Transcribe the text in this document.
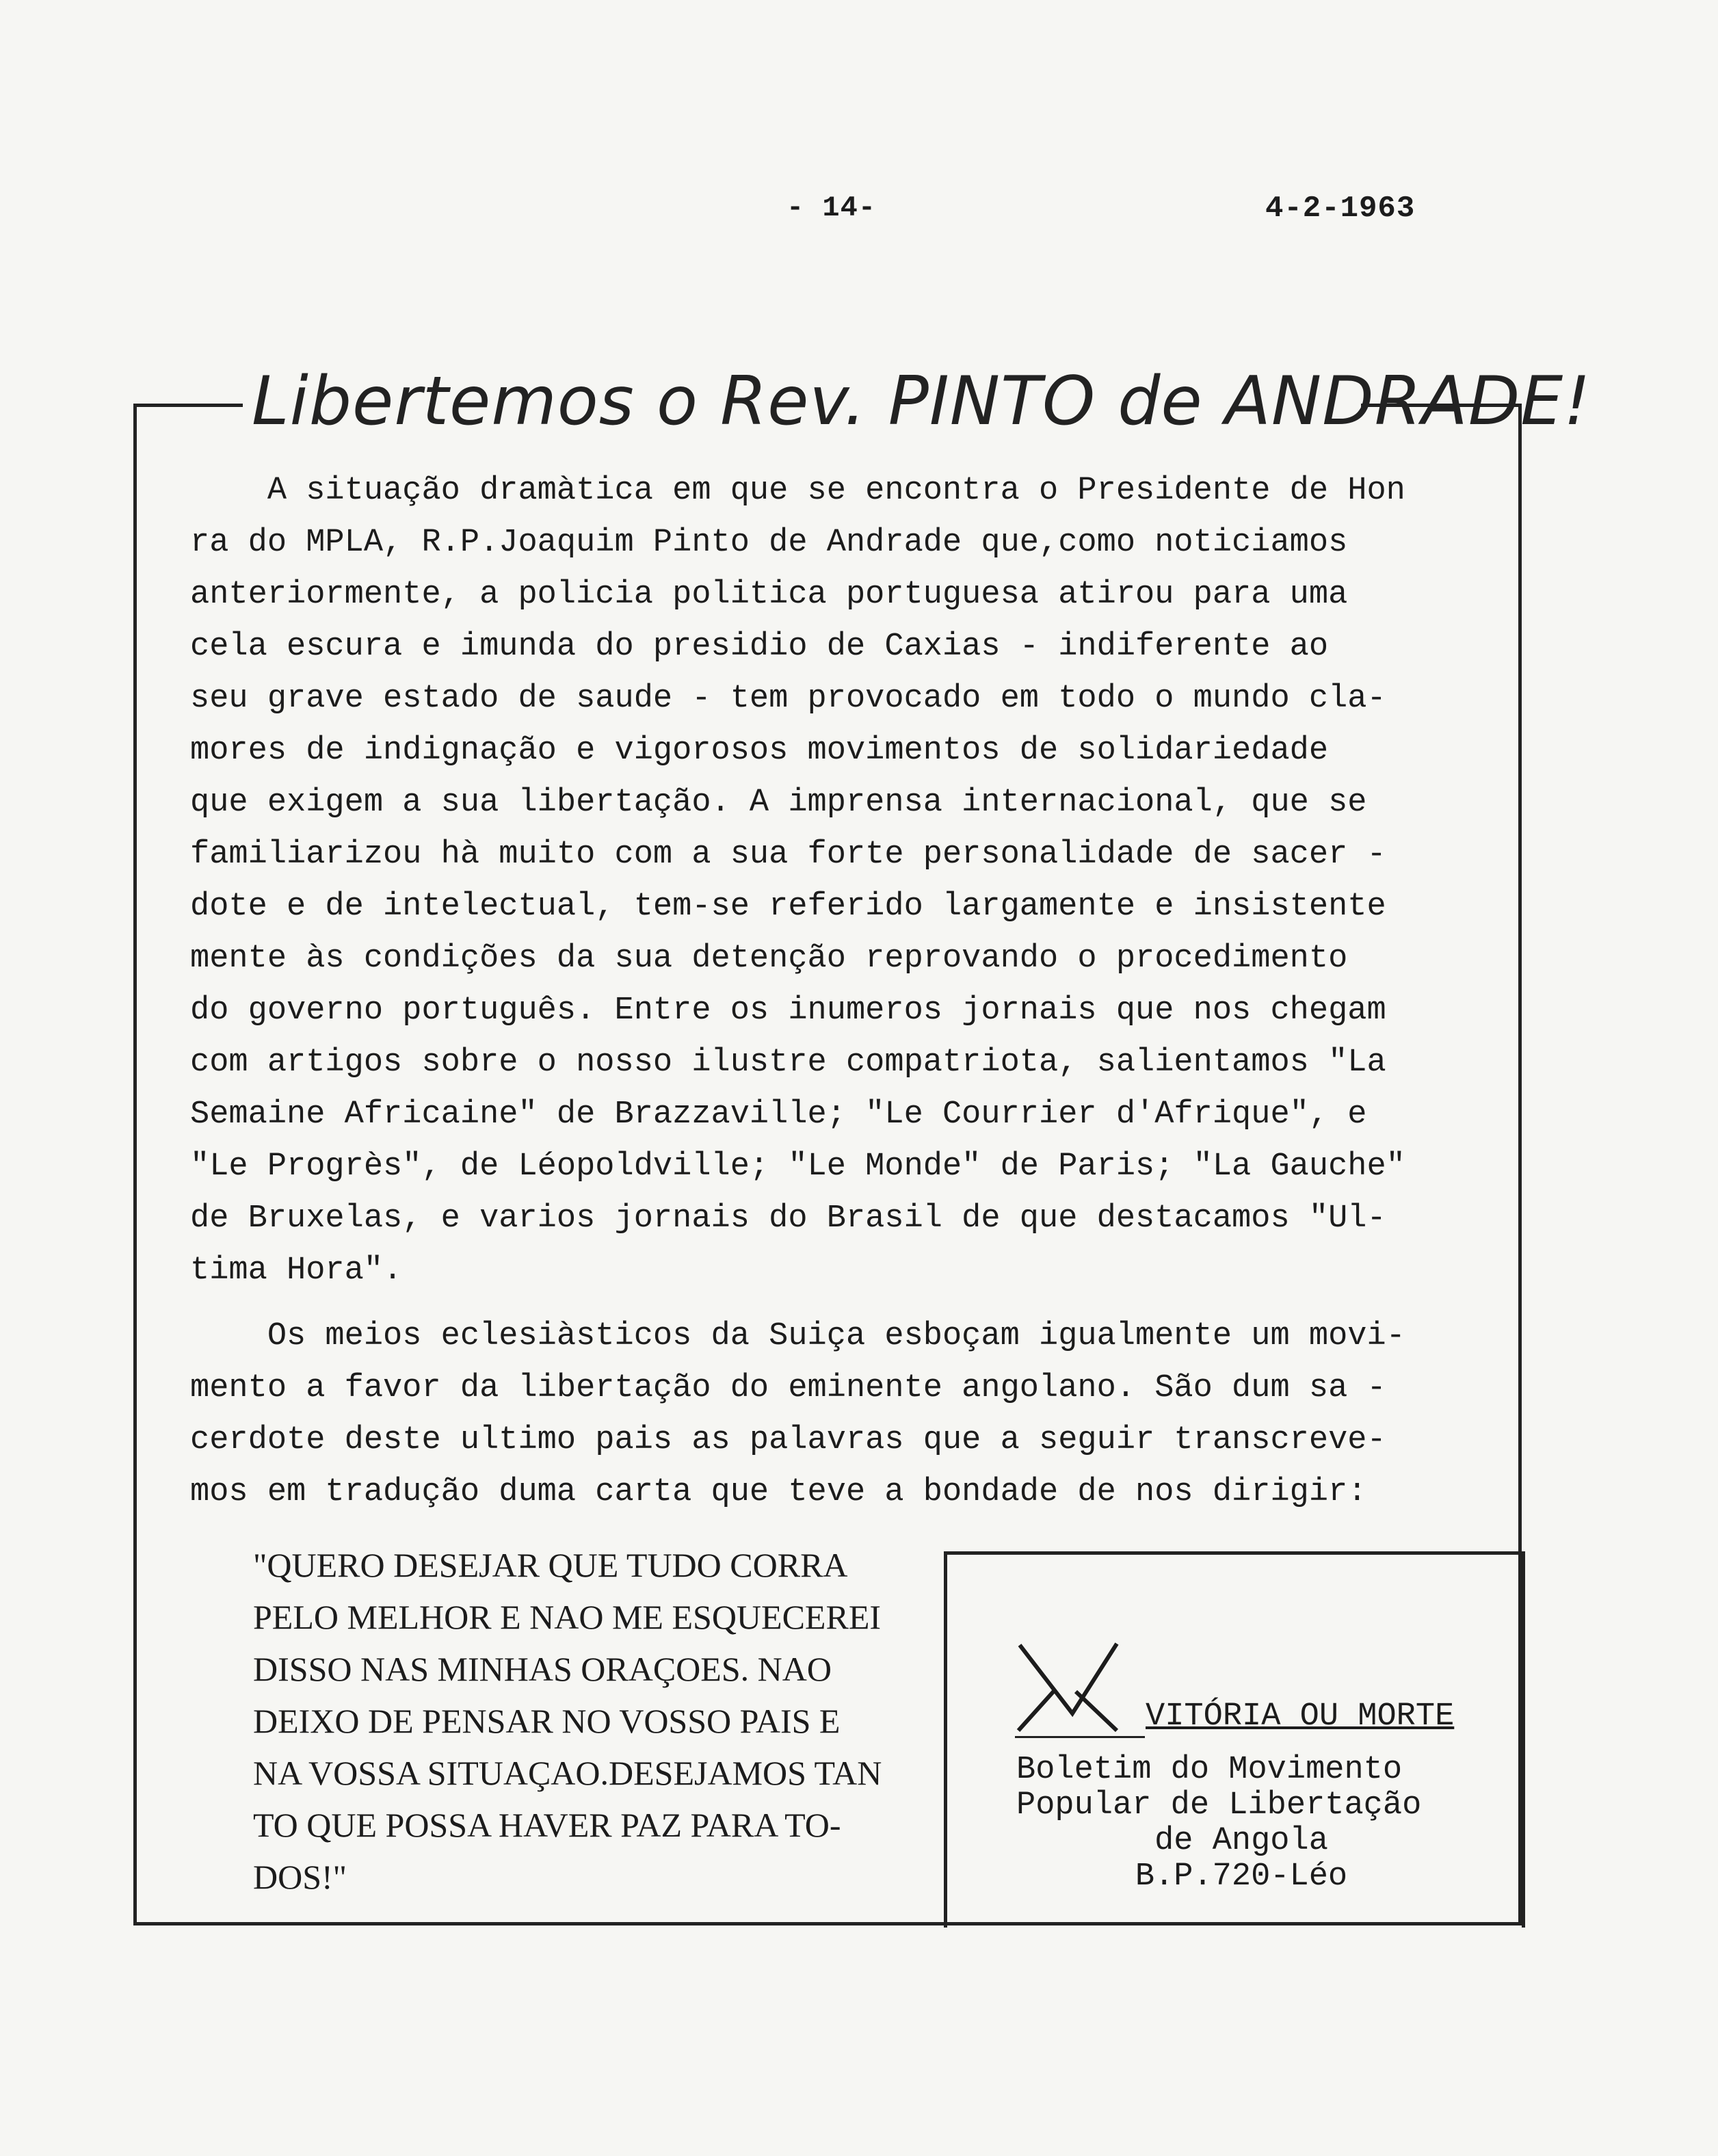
- 14-	4-2-1963
Libertemos o Rev. PINTO de ANDRADE!
A situação dramàtica em que se encontra o Presidente de Hon
ra do MPLA, R.P.Joaquim Pinto de Andrade que,como noticiamos
anteriormente, a policia politica portuguesa atirou para uma
cela escura e imunda do presidio de Caxias - indiferente ao
seu grave estado de saude - tem provocado em todo o mundo cla-
mores de indignação e vigorosos movimentos de solidariedade
que exigem a sua libertação. A imprensa internacional, que se
familiarizou hà muito com a sua forte personalidade de sacer -
dote e de intelectual, tem-se referido largamente e insistente
mente às condições da sua detenção reprovando o procedimento
do governo português. Entre os inumeros jornais que nos chegam
com artigos sobre o nosso ilustre compatriota, salientamos "La
Semaine Africaine" de Brazzaville; "Le Courrier d'Afrique", e
"Le Progrès", de Léopoldville; "Le Monde" de Paris; "La Gauche"
de Bruxelas, e varios jornais do Brasil de que destacamos "Ul-
tima Hora".
Os meios eclesiàsticos da Suiça esboçam igualmente um movi-
mento a favor da libertação do eminente angolano. São dum sa -
cerdote deste ultimo pais as palavras que a seguir transcreve-
mos em tradução duma carta que teve a bondade de nos dirigir:
"QUERO DESEJAR QUE TUDO CORRA
PELO MELHOR E NAO ME ESQUECEREI
DISSO NAS MINHAS ORAÇOES. NAO
DEIXO DE PENSAR NO VOSSO PAIS E
NA VOSSA SITUAÇAO.DESEJAMOS TAN
TO QUE POSSA HAVER PAZ PARA TO-
DOS!"
VITÓRIA OU MORTE
Boletim do Movimento
Popular de Libertação
de Angola
B.P.720-Léo
